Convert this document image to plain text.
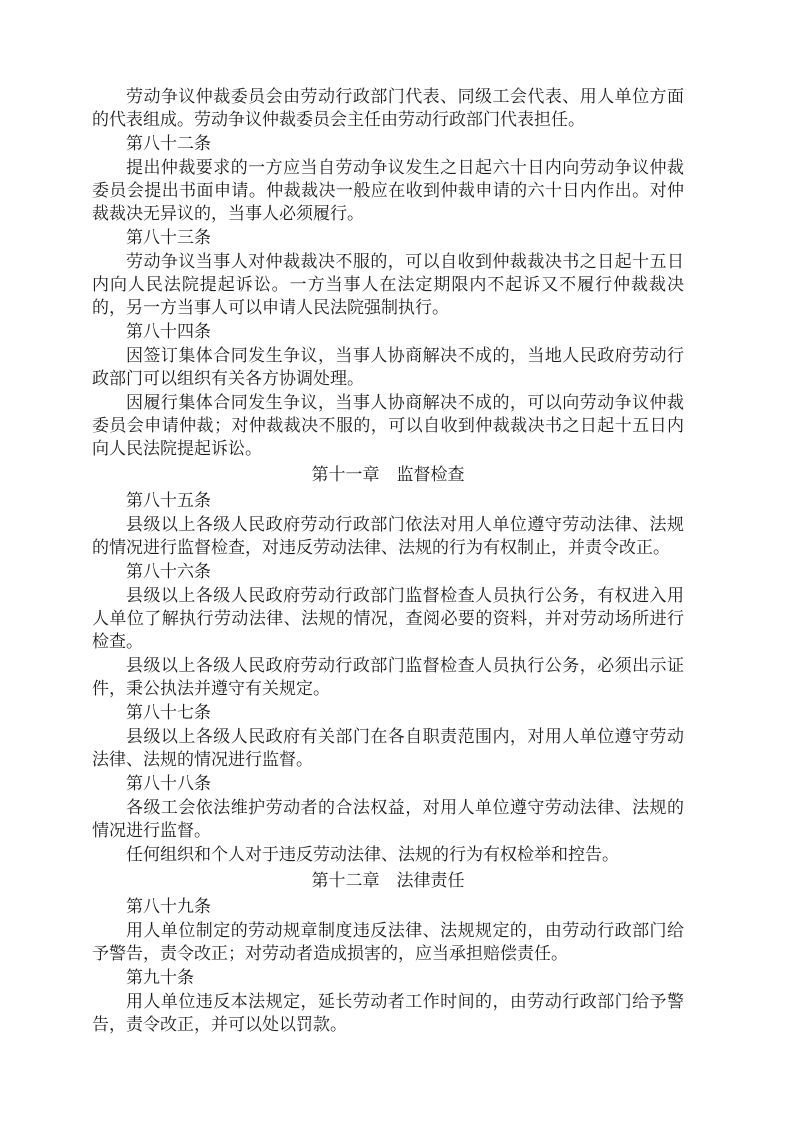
劳动争议仲裁委员会由劳动行政部门代表、同级工会代表、用人单位方面的代表组成。劳动争议仲裁委员会主任由劳动行政部门代表担任。

第八十二条

提出仲裁要求的一方应当自劳动争议发生之日起六十日内向劳动争议仲裁委员会提出书面申请。仲裁裁决一般应在收到仲裁申请的六十日内作出。对仲裁裁决无异议的，当事人必须履行。

第八十三条

劳动争议当事人对仲裁裁决不服的，可以自收到仲裁裁决书之日起十五日内向人民法院提起诉讼。一方当事人在法定期限内不起诉又不履行仲裁裁决的，另一方当事人可以申请人民法院强制执行。

第八十四条

因签订集体合同发生争议，当事人协商解决不成的，当地人民政府劳动行政部门可以组织有关各方协调处理。

因履行集体合同发生争议，当事人协商解决不成的，可以向劳动争议仲裁委员会申请仲裁；对仲裁裁决不服的，可以自收到仲裁裁决书之日起十五日内向人民法院提起诉讼。

第十一章　监督检查

第八十五条

县级以上各级人民政府劳动行政部门依法对用人单位遵守劳动法律、法规的情况进行监督检查，对违反劳动法律、法规的行为有权制止，并责令改正。

第八十六条

县级以上各级人民政府劳动行政部门监督检查人员执行公务，有权进入用人单位了解执行劳动法律、法规的情况，查阅必要的资料，并对劳动场所进行检查。

县级以上各级人民政府劳动行政部门监督检查人员执行公务，必须出示证件，秉公执法并遵守有关规定。

第八十七条

县级以上各级人民政府有关部门在各自职责范围内，对用人单位遵守劳动法律、法规的情况进行监督。

第八十八条

各级工会依法维护劳动者的合法权益，对用人单位遵守劳动法律、法规的情况进行监督。

任何组织和个人对于违反劳动法律、法规的行为有权检举和控告。

第十二章　法律责任

第八十九条

用人单位制定的劳动规章制度违反法律、法规规定的，由劳动行政部门给予警告，责令改正；对劳动者造成损害的，应当承担赔偿责任。

第九十条

用人单位违反本法规定，延长劳动者工作时间的，由劳动行政部门给予警告，责令改正，并可以处以罚款。
